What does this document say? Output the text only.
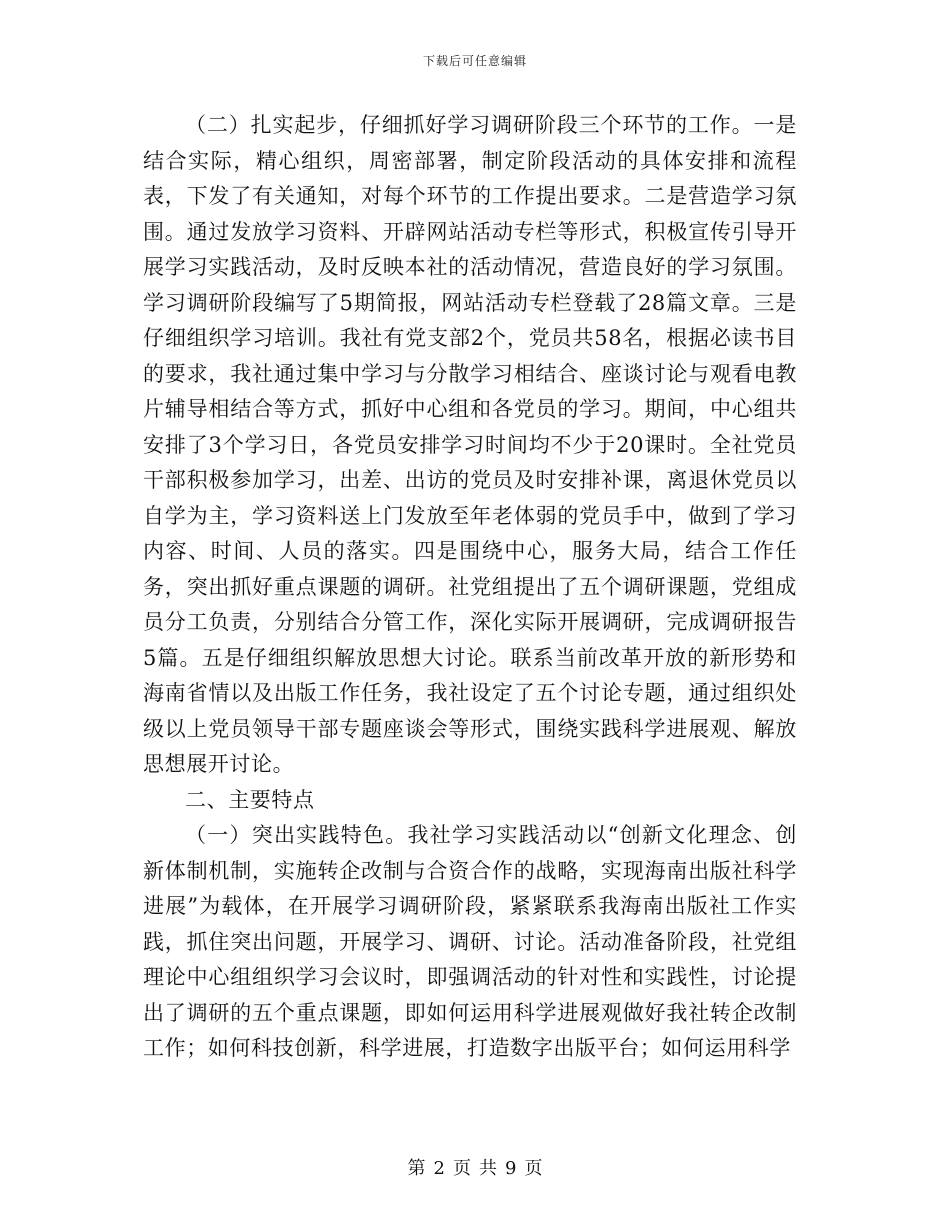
下载后可任意编辑

（二）扎实起步，仔细抓好学习调研阶段三个环节的工作。一是结合实际，精心组织，周密部署，制定阶段活动的具体安排和流程表，下发了有关通知，对每个环节的工作提出要求。二是营造学习氛围。通过发放学习资料、开辟网站活动专栏等形式，积极宣传引导开展学习实践活动，及时反映本社的活动情况，营造良好的学习氛围。学习调研阶段编写了5期简报，网站活动专栏登载了28篇文章。三是仔细组织学习培训。我社有党支部2个，党员共58名，根据必读书目的要求，我社通过集中学习与分散学习相结合、座谈讨论与观看电教片辅导相结合等方式，抓好中心组和各党员的学习。期间，中心组共安排了3个学习日，各党员安排学习时间均不少于20课时。全社党员干部积极参加学习，出差、出访的党员及时安排补课，离退休党员以自学为主，学习资料送上门发放至年老体弱的党员手中，做到了学习内容、时间、人员的落实。四是围绕中心，服务大局，结合工作任务，突出抓好重点课题的调研。社党组提出了五个调研课题，党组成员分工负责，分别结合分管工作，深化实际开展调研，完成调研报告5篇。五是仔细组织解放思想大讨论。联系当前改革开放的新形势和海南省情以及出版工作任务，我社设定了五个讨论专题，通过组织处级以上党员领导干部专题座谈会等形式，围绕实践科学进展观、解放思想展开讨论。

二、主要特点

（一）突出实践特色。我社学习实践活动以“创新文化理念、创新体制机制，实施转企改制与合资合作的战略，实现海南出版社科学进展”为载体，在开展学习调研阶段，紧紧联系我海南出版社工作实践，抓住突出问题，开展学习、调研、讨论。活动准备阶段，社党组理论中心组组织学习会议时，即强调活动的针对性和实践性，讨论提出了调研的五个重点课题，即如何运用科学进展观做好我社转企改制工作；如何科技创新，科学进展，打造数字出版平台；如何运用科学

第 2 页 共 9 页
